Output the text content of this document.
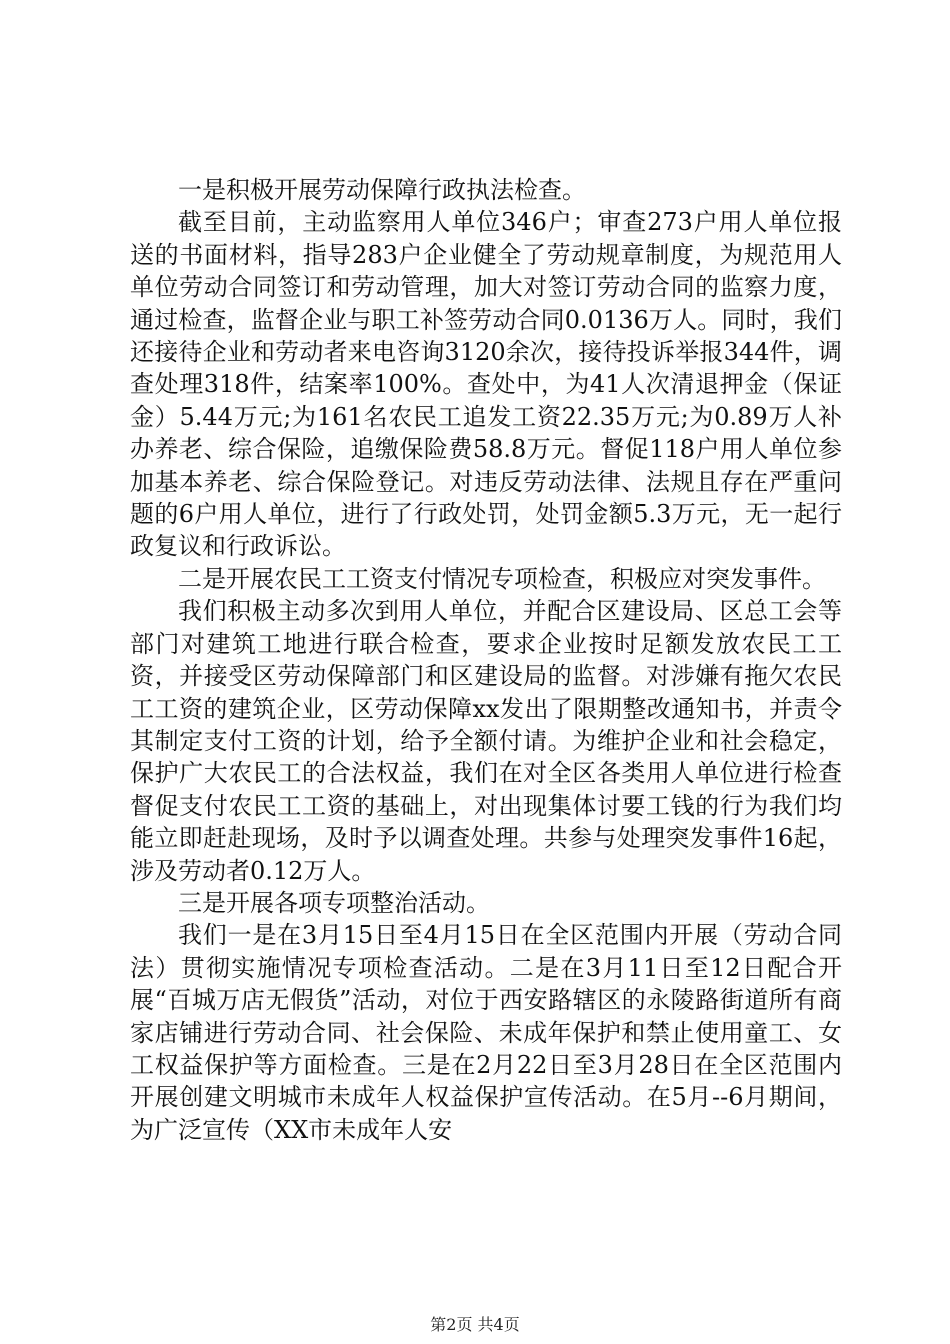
一是积极开展劳动保障行政执法检查。

截至目前，主动监察用人单位346户；审查273户用人单位报送的书面材料，指导283户企业健全了劳动规章制度，为规范用人单位劳动合同签订和劳动管理，加大对签订劳动合同的监察力度，通过检查，监督企业与职工补签劳动合同0.0136万人。同时，我们还接待企业和劳动者来电咨询3120余次，接待投诉举报344件，调查处理318件，结案率100%。查处中，为41人次清退押金（保证金）5.44万元;为161名农民工追发工资22.35万元;为0.89万人补办养老、综合保险，追缴保险费58.8万元。督促118户用人单位参加基本养老、综合保险登记。对违反劳动法律、法规且存在严重问题的6户用人单位，进行了行政处罚，处罚金额5.3万元，无一起行政复议和行政诉讼。

二是开展农民工工资支付情况专项检查，积极应对突发事件。

我们积极主动多次到用人单位，并配合区建设局、区总工会等部门对建筑工地进行联合检查，要求企业按时足额发放农民工工资，并接受区劳动保障部门和区建设局的监督。对涉嫌有拖欠农民工工资的建筑企业，区劳动保障xx发出了限期整改通知书，并责令其制定支付工资的计划，给予全额付请。为维护企业和社会稳定，保护广大农民工的合法权益，我们在对全区各类用人单位进行检查督促支付农民工工资的基础上，对出现集体讨要工钱的行为我们均能立即赶赴现场，及时予以调查处理。共参与处理突发事件16起，涉及劳动者0.12万人。

三是开展各项专项整治活动。

我们一是在3月15日至4月15日在全区范围内开展（劳动合同法）贯彻实施情况专项检查活动。二是在3月11日至12日配合开展“百城万店无假货”活动，对位于西安路辖区的永陵路街道所有商家店铺进行劳动合同、社会保险、未成年保护和禁止使用童工、女工权益保护等方面检查。三是在2月22日至3月28日在全区范围内开展创建文明城市未成年人权益保护宣传活动。在5月--6月期间，为广泛宣传（XX市未成年人安

第2页 共4页
